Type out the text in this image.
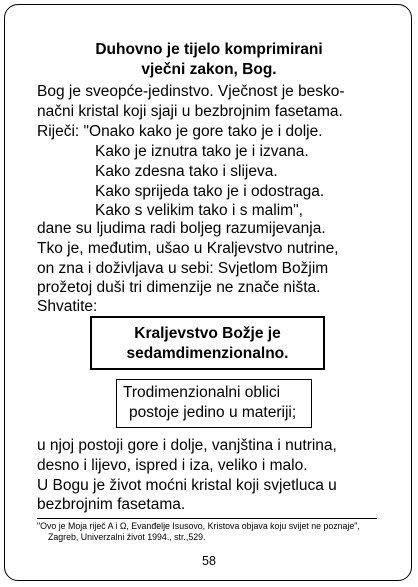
Duhovno je tijelo komprimirani
vječni zakon, Bog.
Bog je sveopće-jedinstvo. Vječnost je besko-
načni kristal koji sjaji u bezbrojnim fasetama.
Riječi: "Onako kako je gore tako je i dolje.
Kako je iznutra tako je i izvana.
Kako zdesna tako i slijeva.
Kako sprijeda tako je i odostraga.
Kako s velikim tako i s malim",
dane su ljudima radi boljeg razumijevanja.
Tko je, međutim, ušao u Kraljevstvo nutrine,
on zna i doživljava u sebi: Svjetlom Božjim
prožetoj duši tri dimenzije ne znače ništa.
Shvatite:
Kraljevstvo Božje je
sedamdimenzionalno.
Trodimenzionalni oblici
postoje jedino u materiji;
u njoj postoji gore i dolje, vanjština i nutrina,
desno i lijevo, ispred i iza, veliko i malo.
U Bogu je život moćni kristal koji svjetluca u
bezbrojnim fasetama.
"Ovo je Moja riječ A i Ω, Evanđelje Isusovo, Kristova objava koju svijet ne poznaje",
Zagreb, Univerzalni život 1994., str.,529.
58
